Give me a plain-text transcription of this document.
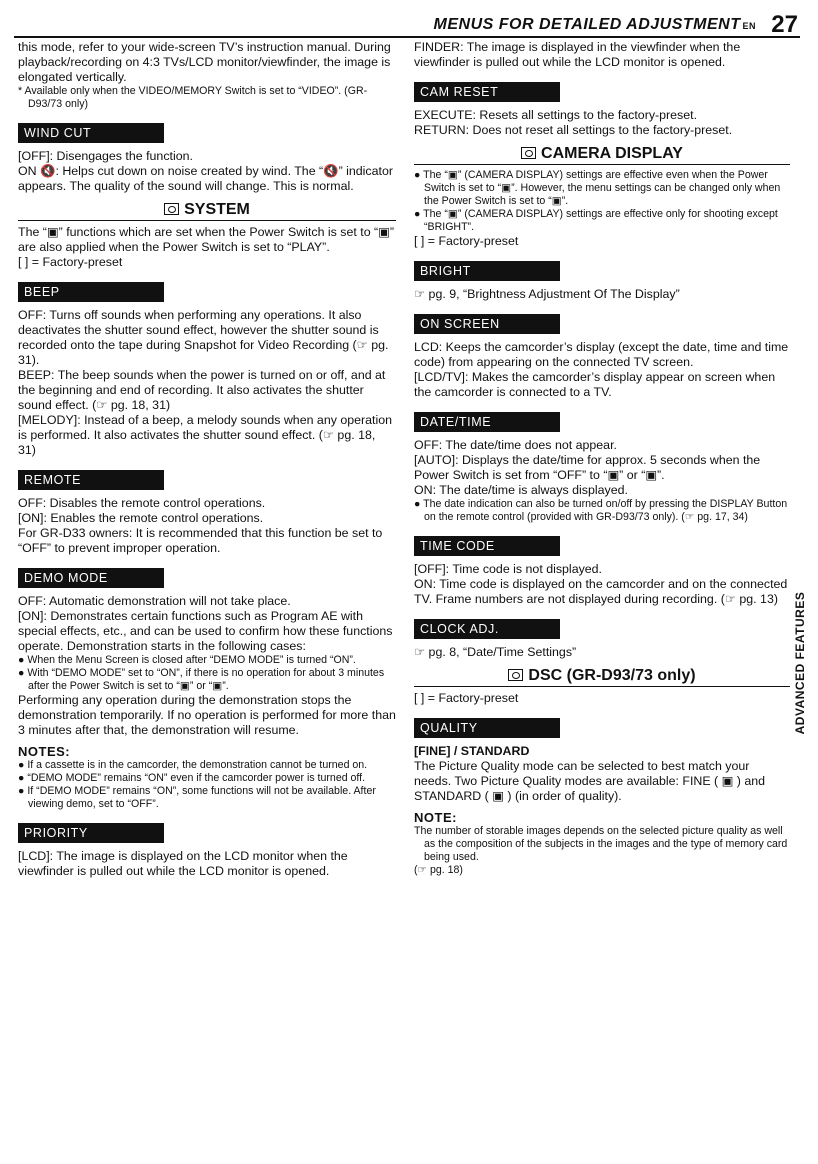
MENUS FOR DETAILED ADJUSTMENT EN 27

this mode, refer to your wide-screen TV’s instruction manual. During playback/recording on 4:3 TVs/LCD monitor/viewfinder, the image is elongated vertically.

* Available only when the VIDEO/MEMORY Switch is set to “VIDEO”. (GR-D93/73 only)

WIND CUT

[OFF]: Disengages the function.

ON 🔇: Helps cut down on noise created by wind. The “🔇” indicator appears. The quality of the sound will change. This is normal.

SYSTEM

The “▣” functions which are set when the Power Switch is set to “▣” are also applied when the Power Switch is set to “PLAY”.

[ ] = Factory-preset

BEEP

OFF: Turns off sounds when performing any operations. It also deactivates the shutter sound effect, however the shutter sound is recorded onto the tape during Snapshot for Video Recording (☞ pg. 31).

BEEP: The beep sounds when the power is turned on or off, and at the beginning and end of recording. It also activates the shutter sound effect. (☞ pg. 18, 31)

[MELODY]: Instead of a beep, a melody sounds when any operation is performed. It also activates the shutter sound effect. (☞ pg. 18, 31)

REMOTE

OFF: Disables the remote control operations.

[ON]: Enables the remote control operations.

For GR-D33 owners: It is recommended that this function be set to “OFF” to prevent improper operation.

DEMO MODE

OFF: Automatic demonstration will not take place.

[ON]: Demonstrates certain functions such as Program AE with special effects, etc., and can be used to confirm how these functions operate. Demonstration starts in the following cases:

● When the Menu Screen is closed after “DEMO MODE” is turned “ON”.

● With “DEMO MODE” set to “ON”, if there is no operation for about 3 minutes after the Power Switch is set to “▣” or “▣”.

Performing any operation during the demonstration stops the demonstration temporarily. If no operation is performed for more than 3 minutes after that, the demonstration will resume.

NOTES:

● If a cassette is in the camcorder, the demonstration cannot be turned on.

● “DEMO MODE” remains “ON” even if the camcorder power is turned off.

● If “DEMO MODE” remains “ON”, some functions will not be available. After viewing demo, set to “OFF”.

PRIORITY

[LCD]: The image is displayed on the LCD monitor when the viewfinder is pulled out while the LCD monitor is opened.

FINDER: The image is displayed in the viewfinder when the viewfinder is pulled out while the LCD monitor is opened.

CAM RESET

EXECUTE: Resets all settings to the factory-preset.

RETURN: Does not reset all settings to the factory-preset.

CAMERA DISPLAY

● The “▣” (CAMERA DISPLAY) settings are effective even when the Power Switch is set to “▣”. However, the menu settings can be changed only when the Power Switch is set to “▣”.

● The “▣” (CAMERA DISPLAY) settings are effective only for shooting except “BRIGHT”.

[ ] = Factory-preset

BRIGHT

☞ pg. 9, “Brightness Adjustment Of The Display”

ON SCREEN

LCD: Keeps the camcorder’s display (except the date, time and time code) from appearing on the connected TV screen.

[LCD/TV]: Makes the camcorder’s display appear on screen when the camcorder is connected to a TV.

DATE/TIME

OFF: The date/time does not appear.

[AUTO]: Displays the date/time for approx. 5 seconds when the Power Switch is set from “OFF” to “▣” or “▣”.

ON: The date/time is always displayed.

● The date indication can also be turned on/off by pressing the DISPLAY Button on the remote control (provided with GR-D93/73 only). (☞ pg. 17, 34)

TIME CODE

[OFF]: Time code is not displayed.

ON: Time code is displayed on the camcorder and on the connected TV. Frame numbers are not displayed during recording. (☞ pg. 13)

CLOCK ADJ.

☞ pg. 8, “Date/Time Settings”

DSC (GR-D93/73 only)

[ ] = Factory-preset

QUALITY

[FINE] / STANDARD

The Picture Quality mode can be selected to best match your needs. Two Picture Quality modes are available: FINE ( ▣ ) and STANDARD ( ▣ ) (in order of quality).

NOTE:

The number of storable images depends on the selected picture quality as well as the composition of the subjects in the images and the type of memory card being used.

(☞ pg. 18)

ADVANCED FEATURES
